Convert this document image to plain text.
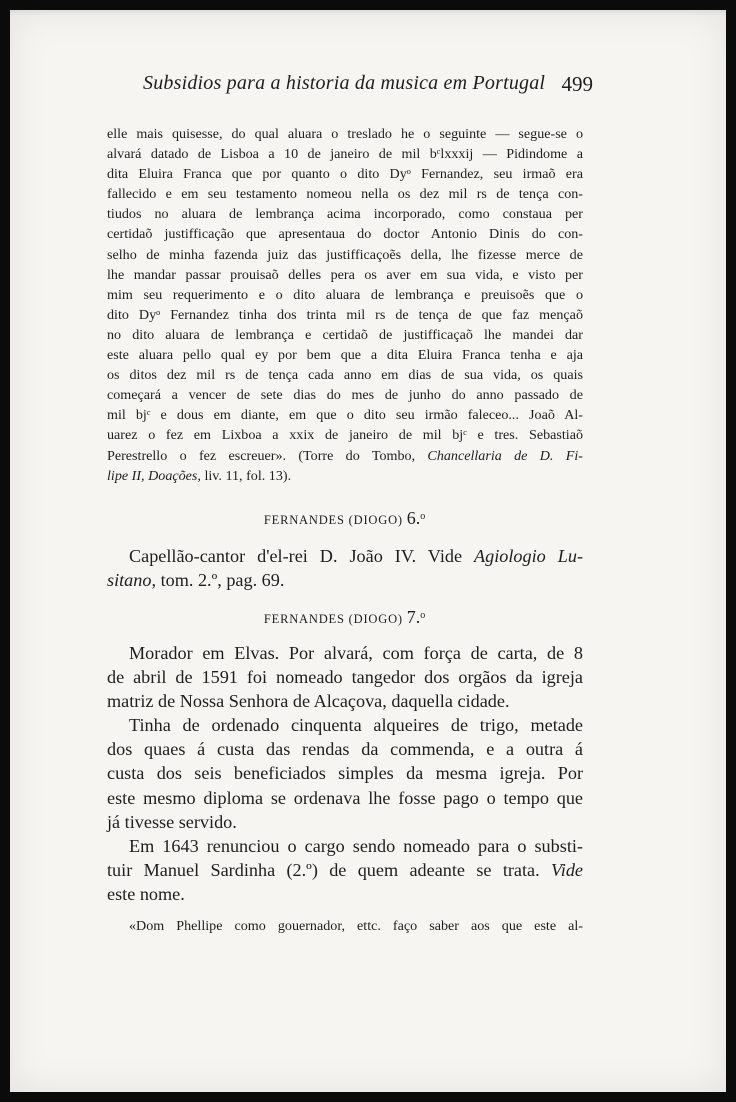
Subsidios para a historia da musica em Portugal 499
elle mais quisesse, do qual aluara o treslado he o seguinte — segue-se o
alvará datado de Lisboa a 10 de janeiro de mil bᶜlxxxij — Pidindome a
dita Eluira Franca que por quanto o dito Dyᵒ Fernandez, seu irmaõ era
fallecido e em seu testamento nomeou nella os dez mil rs de tença con-
tiudos no aluara de lembrança acima incorporado, como constaua per
certidaõ justifficação que apresentaua do doctor Antonio Dinis do con-
selho de minha fazenda juiz das justifficaçoẽs della, lhe fizesse merce de
lhe mandar passar prouisaõ delles pera os aver em sua vida, e visto per
mim seu requerimento e o dito aluara de lembrança e preuisoẽs que o
dito Dyᵒ Fernandez tinha dos trinta mil rs de tença de que faz mençaõ
no dito aluara de lembrança e certidaõ de justifficaçaõ lhe mandei dar
este aluara pello qual ey por bem que a dita Eluira Franca tenha e aja
os ditos dez mil rs de tença cada anno em dias de sua vida, os quais
começará a vencer de sete dias do mes de junho do anno passado de
mil bjᶜ e dous em diante, em que o dito seu irmão faleceo... Joaõ Al-
uarez o fez em Lixboa a xxix de janeiro de mil bjᶜ e tres. Sebastiaõ
Perestrello o fez escreuer». (Torre do Tombo, Chancellaria de D. Fi-
lipe II, Doações, liv. 11, fol. 13).
FERNANDES (DIOGO) 6.$^o$
Capellão-cantor d'el-rei D. João IV. Vide Agiologio Lu-
sitano, tom. 2.º, pag. 69.
FERNANDES (DIOGO) 7.$^o$
Morador em Elvas. Por alvará, com força de carta, de 8
de abril de 1591 foi nomeado tangedor dos orgãos da igreja
matriz de Nossa Senhora de Alcaçova, daquella cidade.
Tinha de ordenado cinquenta alqueires de trigo, metade
dos quaes á custa das rendas da commenda, e a outra á
custa dos seis beneficiados simples da mesma igreja. Por
este mesmo diploma se ordenava lhe fosse pago o tempo que
já tivesse servido.
Em 1643 renunciou o cargo sendo nomeado para o substi-
tuir Manuel Sardinha (2.º) de quem adeante se trata. Vide
este nome.
«Dom Phellipe como gouernador, ettc. faço saber aos que este al-
